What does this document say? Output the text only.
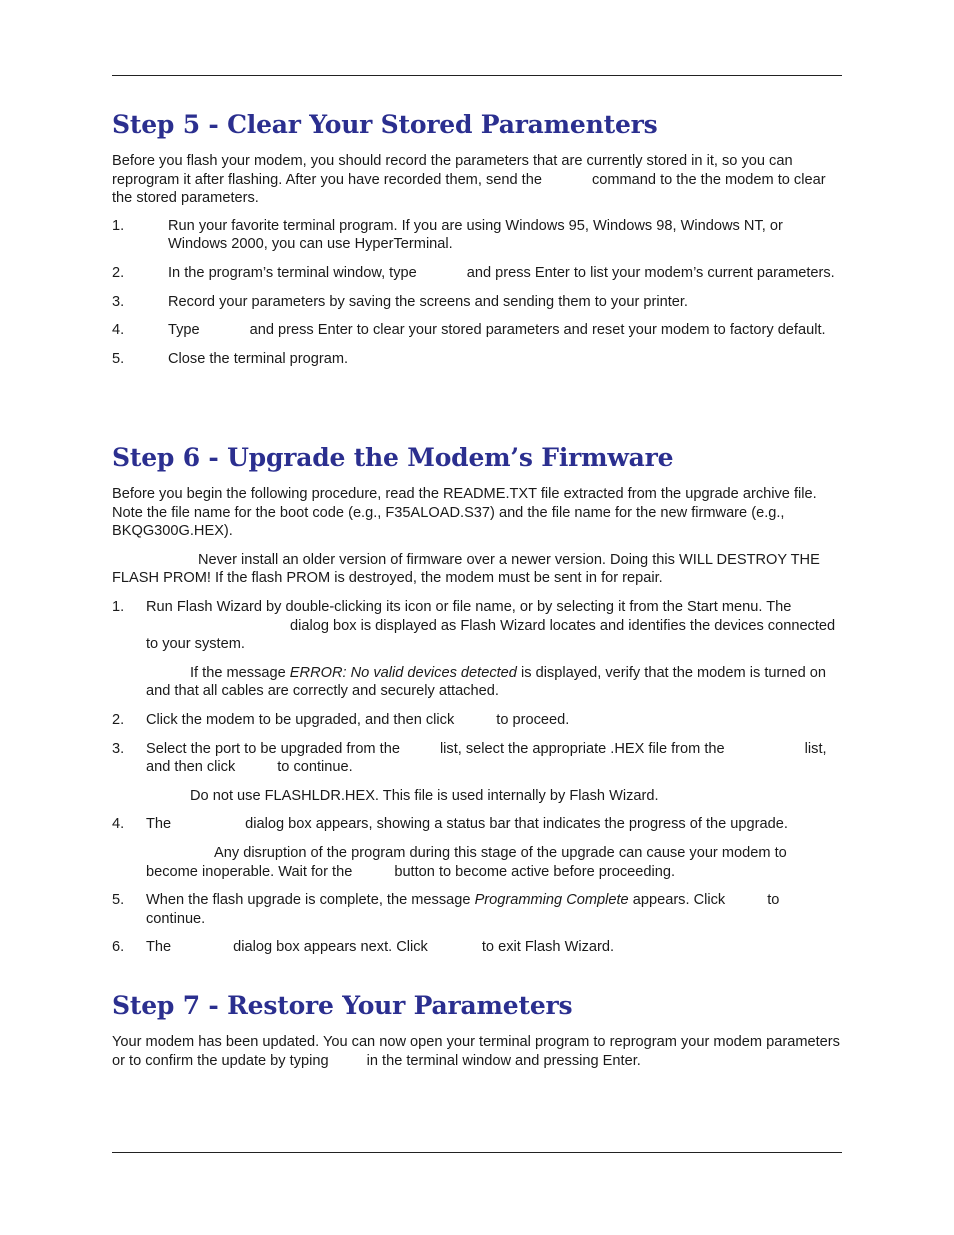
Step 5 - Clear Your Stored Paramenters

Before you flash your modem, you should record the parameters that are currently stored in it, so you can reprogram it after flashing. After you have recorded them, send the	command to the the modem to clear the stored parameters.

1.	Run your favorite terminal program. If you are using Windows 95, Windows 98, Windows NT, or Windows 2000, you can use HyperTerminal.
2.	In the program’s terminal window, type	and press Enter to list your modem’s current parameters.
3.	Record your parameters by saving the screens and sending them to your printer.
4.	Type	and press Enter to clear your stored parameters and reset your modem to factory default.
5.	Close the terminal program.
Step 6 - Upgrade the Modem’s Firmware

Before you begin the following procedure, read the README.TXT file extracted from the upgrade archive file. Note the file name for the boot code (e.g., F35ALOAD.S37) and the file name for the new firmware (e.g., BKQG300G.HEX).

Never install an older version of firmware over a newer version. Doing this WILL DESTROY THE FLASH PROM! If the flash PROM is destroyed, the modem must be sent in for repair.

1. Run Flash Wizard by double-clicking its icon or file name, or by selecting it from the Start menu. Thedialog box is displayed as Flash Wizard locates and identifies the devices connected to your system.
If the message ERROR: No valid devices detected is displayed, verify that the modem is turned on and that all cables are correctly and securely attached.
2. Click the modem to be upgraded, and then click	to proceed.
3. Select the port to be upgraded from the	list, select the appropriate .HEX file from the	list, and then click	to continue.
Do not use FLASHLDR.HEX. This file is used internally by Flash Wizard.
4. The	dialog box appears, showing a status bar that indicates the progress of the upgrade.
Any disruption of the program during this stage of the upgrade can cause your modem to become inoperable. Wait for the	button to become active before proceeding.
5. When the flash upgrade is complete, the message Programming Complete appears. Click	to continue.
6. The	dialog box appears next. Click	to exit Flash Wizard.
Step 7 - Restore Your Parameters

Your modem has been updated. You can now open your terminal program to reprogram your modem parameters or to confirm the update by typing	in the terminal window and pressing Enter.
